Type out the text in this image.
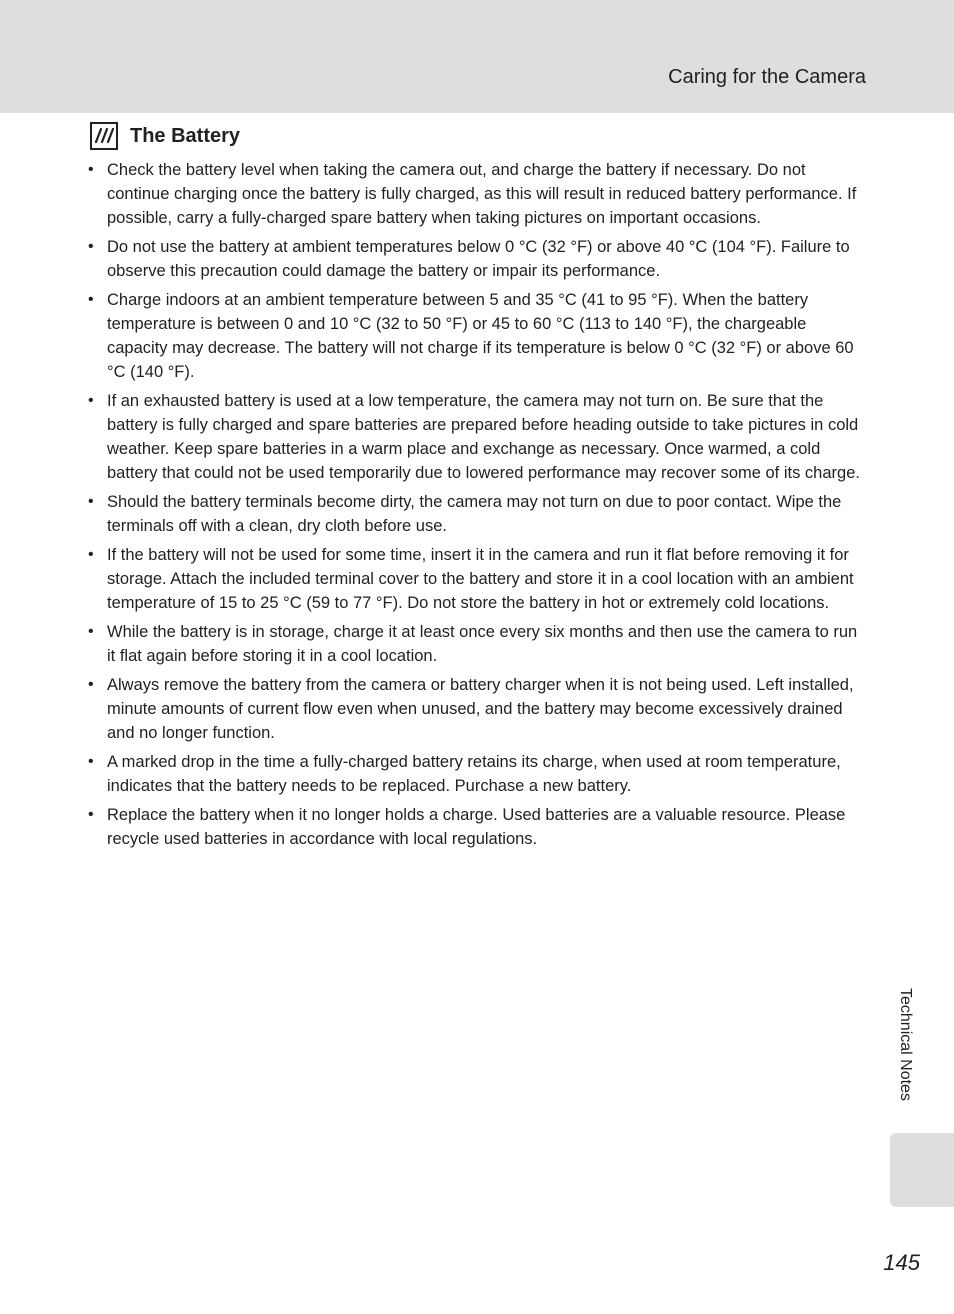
Caring for the Camera
The Battery
• Check the battery level when taking the camera out, and charge the battery if necessary. Do not continue charging once the battery is fully charged, as this will result in reduced battery performance. If possible, carry a fully-charged spare battery when taking pictures on important occasions.
• Do not use the battery at ambient temperatures below 0 °C (32 °F) or above 40 °C (104 °F). Failure to observe this precaution could damage the battery or impair its performance.
• Charge indoors at an ambient temperature between 5 and 35 °C (41 to 95 °F). When the battery temperature is between 0 and 10 °C (32 to 50 °F) or 45 to 60 °C (113 to 140 °F), the chargeable capacity may decrease. The battery will not charge if its temperature is below 0 °C (32 °F) or above 60 °C (140 °F).
• If an exhausted battery is used at a low temperature, the camera may not turn on. Be sure that the battery is fully charged and spare batteries are prepared before heading outside to take pictures in cold weather. Keep spare batteries in a warm place and exchange as necessary. Once warmed, a cold battery that could not be used temporarily due to lowered performance may recover some of its charge.
• Should the battery terminals become dirty, the camera may not turn on due to poor contact. Wipe the terminals off with a clean, dry cloth before use.
• If the battery will not be used for some time, insert it in the camera and run it flat before removing it for storage. Attach the included terminal cover to the battery and store it in a cool location with an ambient temperature of 15 to 25 °C (59 to 77 °F). Do not store the battery in hot or extremely cold locations.
• While the battery is in storage, charge it at least once every six months and then use the camera to run it flat again before storing it in a cool location.
• Always remove the battery from the camera or battery charger when it is not being used. Left installed, minute amounts of current flow even when unused, and the battery may become excessively drained and no longer function.
• A marked drop in the time a fully-charged battery retains its charge, when used at room temperature, indicates that the battery needs to be replaced. Purchase a new battery.
• Replace the battery when it no longer holds a charge. Used batteries are a valuable resource. Please recycle used batteries in accordance with local regulations.
Technical Notes
145
